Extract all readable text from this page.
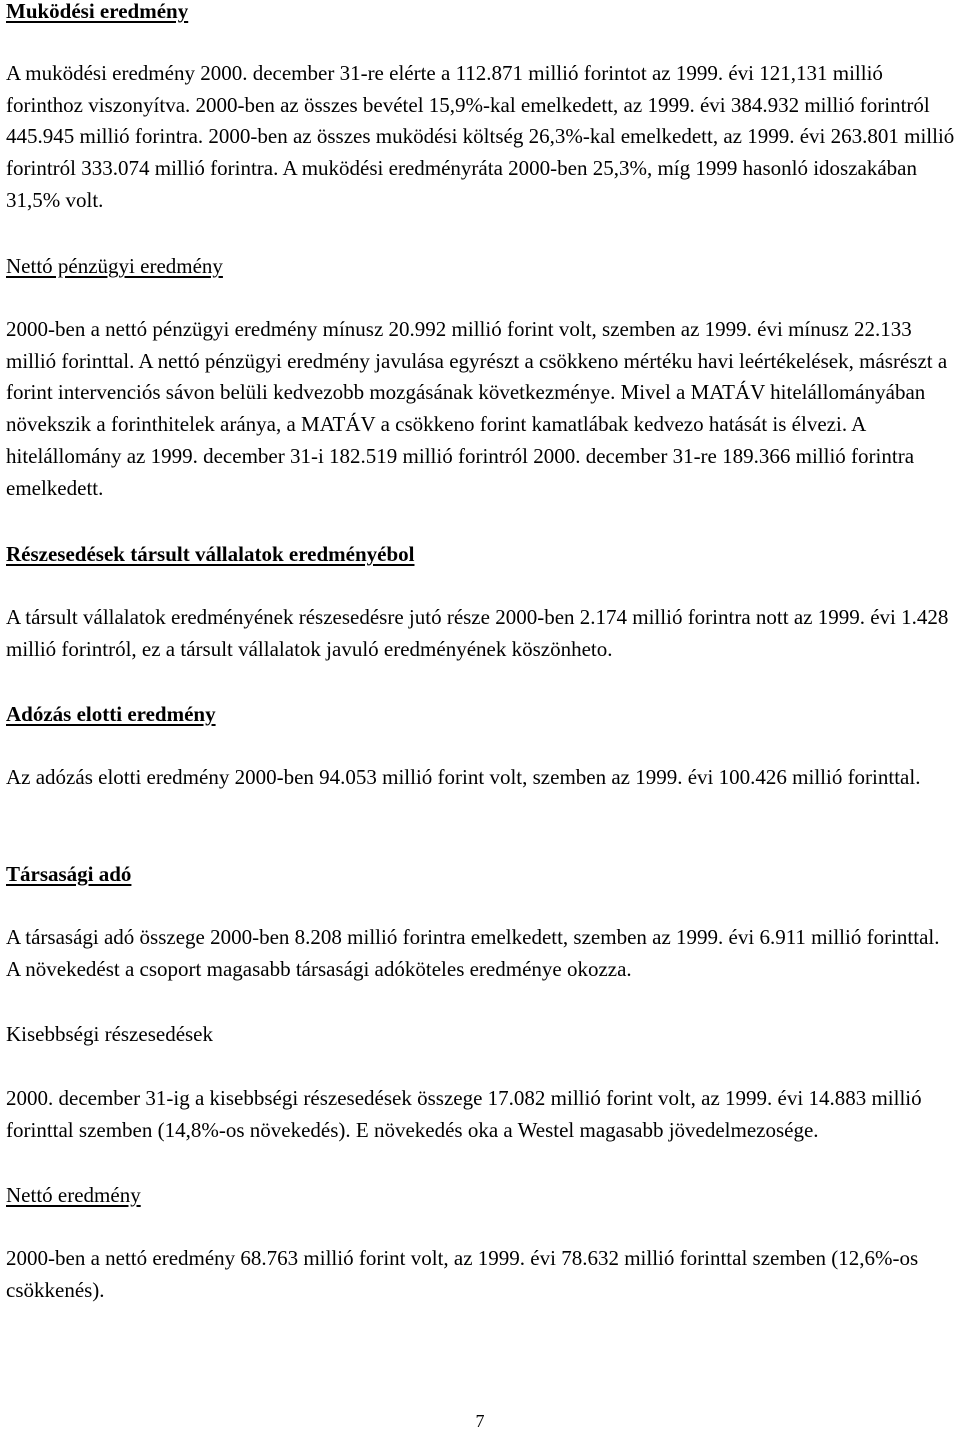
Muködési eredmény

A muködési eredmény 2000. december 31-re elérte a 112.871 millió forintot az 1999. évi 121,131 millió forinthoz viszonyítva. 2000-ben az összes bevétel 15,9%-kal emelkedett, az 1999. évi 384.932 millió forintról 445.945 millió forintra. 2000-ben az összes muködési költség 26,3%-kal emelkedett, az 1999. évi 263.801 millió forintról 333.074 millió forintra. A muködési eredményráta 2000-ben 25,3%, míg 1999 hasonló idoszakában 31,5% volt.

Nettó pénzügyi eredmény

2000-ben a nettó pénzügyi eredmény mínusz 20.992 millió forint volt, szemben az 1999. évi mínusz 22.133 millió forinttal. A nettó pénzügyi eredmény javulása egyrészt a csökkeno mértéku havi leértékelések, másrészt a forint intervenciós sávon belüli kedvezobb mozgásának következménye. Mivel a MATÁV hitelállományában növekszik a forinthitelek aránya, a MATÁV a csökkeno forint kamatlábak kedvezo hatását is élvezi. A hitelállomány az 1999. december 31-i 182.519 millió forintról 2000. december 31-re 189.366 millió forintra emelkedett.

Részesedések társult vállalatok eredményébol

A társult vállalatok eredményének részesedésre jutó része 2000-ben 2.174 millió forintra nott az 1999. évi 1.428 millió forintról, ez a társult vállalatok javuló eredményének köszönheto.

Adózás elotti eredmény

Az adózás elotti eredmény 2000-ben 94.053 millió forint volt, szemben az 1999. évi 100.426 millió forinttal.

Társasági adó

A társasági adó összege 2000-ben 8.208 millió forintra emelkedett, szemben az 1999. évi 6.911 millió forinttal. A növekedést a csoport magasabb társasági adóköteles eredménye okozza.

Kisebbségi részesedések

2000. december 31-ig a kisebbségi részesedések összege 17.082 millió forint volt, az 1999. évi 14.883 millió forinttal szemben (14,8%-os növekedés). E növekedés oka a Westel magasabb jövedelmezosége.

Nettó eredmény

2000-ben a nettó eredmény 68.763 millió forint volt, az 1999. évi 78.632 millió forinttal szemben (12,6%-os csökkenés).

7
